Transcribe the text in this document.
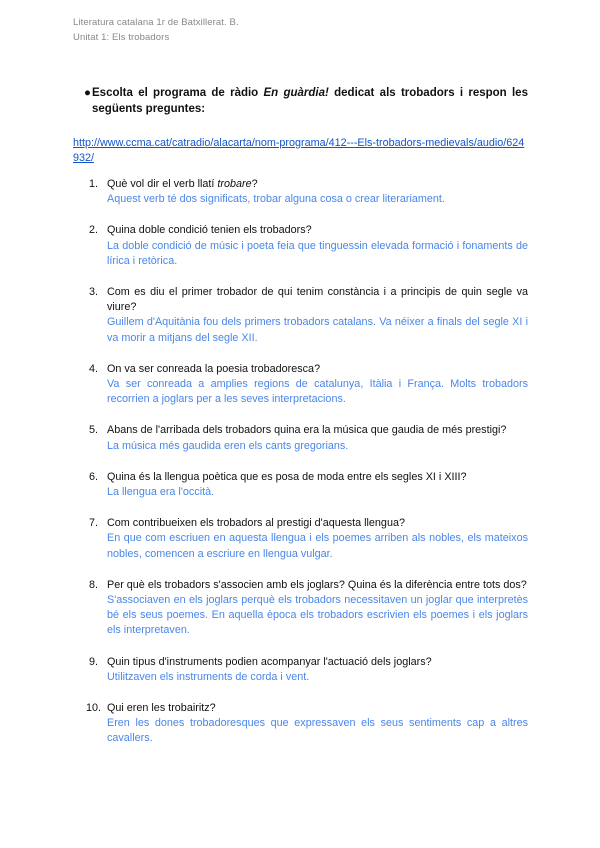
Literatura catalana 1r de Batxillerat. B.
Unitat 1: Els trobadors
● Escolta el programa de ràdio En guàrdia! dedicat als trobadors i respon les següents preguntes:
http://www.ccma.cat/catradio/alacarta/nom-programa/412---Els-trobadors-medievals/audio/624932/
1. Què vol dir el verb llatí trobare?
Aquest verb té dos significats, trobar alguna cosa o crear literariament.
2. Quina doble condició tenien els trobadors?
La doble condició de músic i poeta feia que tinguessin elevada formació i fonaments de lírica i retòrica.
3. Com es diu el primer trobador de qui tenim constància i a principis de quin segle va viure?
Guillem d'Aquitània fou dels primers trobadors catalans. Va néixer a finals del segle XI i va morir a mitjans del segle XII.
4. On va ser conreada la poesia trobadoresca?
Va ser conreada a amplies regions de catalunya, Itàlia i França. Molts trobadors recorrien a joglars per a les seves interpretacions.
5. Abans de l'arribada dels trobadors quina era la música que gaudia de més prestigi?
La música més gaudida eren els cants gregorians.
6. Quina és la llengua poètica que es posa de moda entre els segles XI i XIII?
La llengua era l'occità.
7. Com contribueixen els trobadors al prestigi d'aquesta llengua?
En que com escriuen en aquesta llengua i els poemes arriben als nobles, els mateixos nobles, comencen a escriure en llengua vulgar.
8. Per què els trobadors s'associen amb els joglars? Quina és la diferència entre tots dos?
S'associaven en els joglars perquè els trobadors necessitaven un joglar que interpretès bé els seus poemes. En aquella època els trobadors escrivien els poemes i els joglars els interpretaven.
9. Quin tipus d'instruments podien acompanyar l'actuació dels joglars?
Utilitzaven els instruments de corda i vent.
10. Qui eren les trobairitz?
Eren les dones trobadoresques que expressaven els seus sentiments cap a altres cavallers.
